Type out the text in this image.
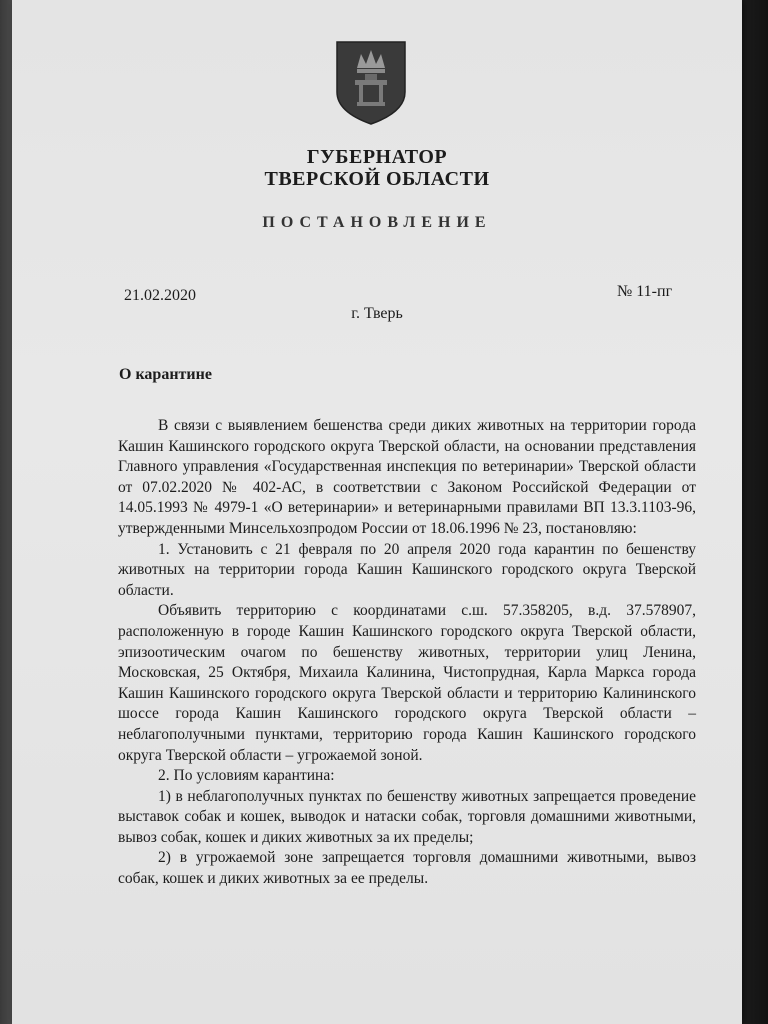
ГУБЕРНАТОР
ТВЕРСКОЙ ОБЛАСТИ
ПОСТАНОВЛЕНИЕ
21.02.2020	№ 11-пг
г. Тверь
О карантине

В связи с выявлением бешенства среди диких животных на территории города Кашин Кашинского городского округа Тверской области, на основании представления Главного управления «Государственная инспекция по ветеринарии» Тверской области от 07.02.2020 № 402-АС, в соответствии с Законом Российской Федерации от 14.05.1993 № 4979-1 «О ветеринарии» и ветеринарными правилами ВП 13.3.1103-96, утвержденными Минсельхозпродом России от 18.06.1996 № 23, постановляю:

1. Установить с 21 февраля по 20 апреля 2020 года карантин по бешенству животных на территории города Кашин Кашинского городского округа Тверской области.

Объявить территорию с координатами с.ш. 57.358205, в.д. 37.578907, расположенную в городе Кашин Кашинского городского округа Тверской области, эпизоотическим очагом по бешенству животных, территории улиц Ленина, Московская, 25 Октября, Михаила Калинина, Чистопрудная, Карла Маркса города Кашин Кашинского городского округа Тверской области и территорию Калининского шоссе города Кашин Кашинского городского округа Тверской области – неблагополучными пунктами, территорию города Кашин Кашинского городского округа Тверской области – угрожаемой зоной.

2. По условиям карантина:

1) в неблагополучных пунктах по бешенству животных запрещается проведение выставок собак и кошек, выводок и натаски собак, торговля домашними животными, вывоз собак, кошек и диких животных за их пределы;

2) в угрожаемой зоне запрещается торговля домашними животными, вывоз собак, кошек и диких животных за ее пределы.
